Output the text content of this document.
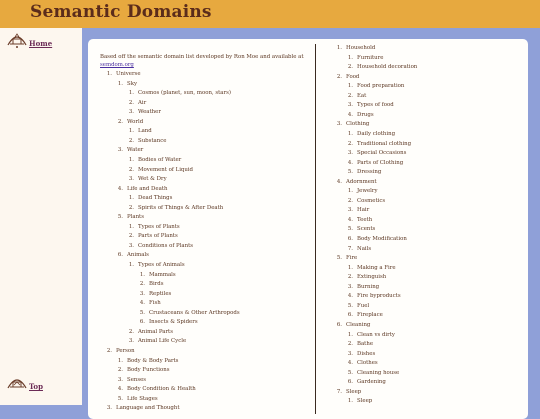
Semantic Domains
Home
Top
Based off the semantic domain list developed by Ron Moe and available at
semdom.org
1. Universe
1. Sky
1. Cosmos (planet, sun, moon, stars)
2. Air
3. Weather
2. World
1. Land
2. Substance
3. Water
1. Bodies of Water
2. Movement of Liquid
3. Wet & Dry
4. Life and Death
1. Dead Things
2. Spirits of Things & After Death
5. Plants
1. Types of Plants
2. Parts of Plants
3. Conditions of Plants
6. Animals
1. Types of Animals
1. Mammals
2. Birds
3. Reptiles
4. Fish
5. Crustaceans & Other Arthropods
6. Insects & Spiders
2. Animal Parts
3. Animal Life Cycle
2. Person
1. Body & Body Parts
2. Body Functions
3. Senses
4. Body Condition & Health
5. Life Stages
3. Language and Thought
1. Household
1. Furniture
2. Household decoration
2. Food
1. Food preparation
2. Eat
3. Types of food
4. Drugs
3. Clothing
1. Daily clothing
2. Traditional clothing
3. Special Occasions
4. Parts of Clothing
5. Dressing
4. Adornment
1. Jewelry
2. Cosmetics
3. Hair
4. Teeth
5. Scents
6. Body Modification
7. Nails
5. Fire
1. Making a Fire
2. Extinguish
3. Burning
4. Fire byproducts
5. Fuel
6. Fireplace
6. Cleaning
1. Clean vs dirty
2. Bathe
3. Dishes
4. Clothes
5. Cleaning house
6. Gardening
7. Sleep
1. Sleep
